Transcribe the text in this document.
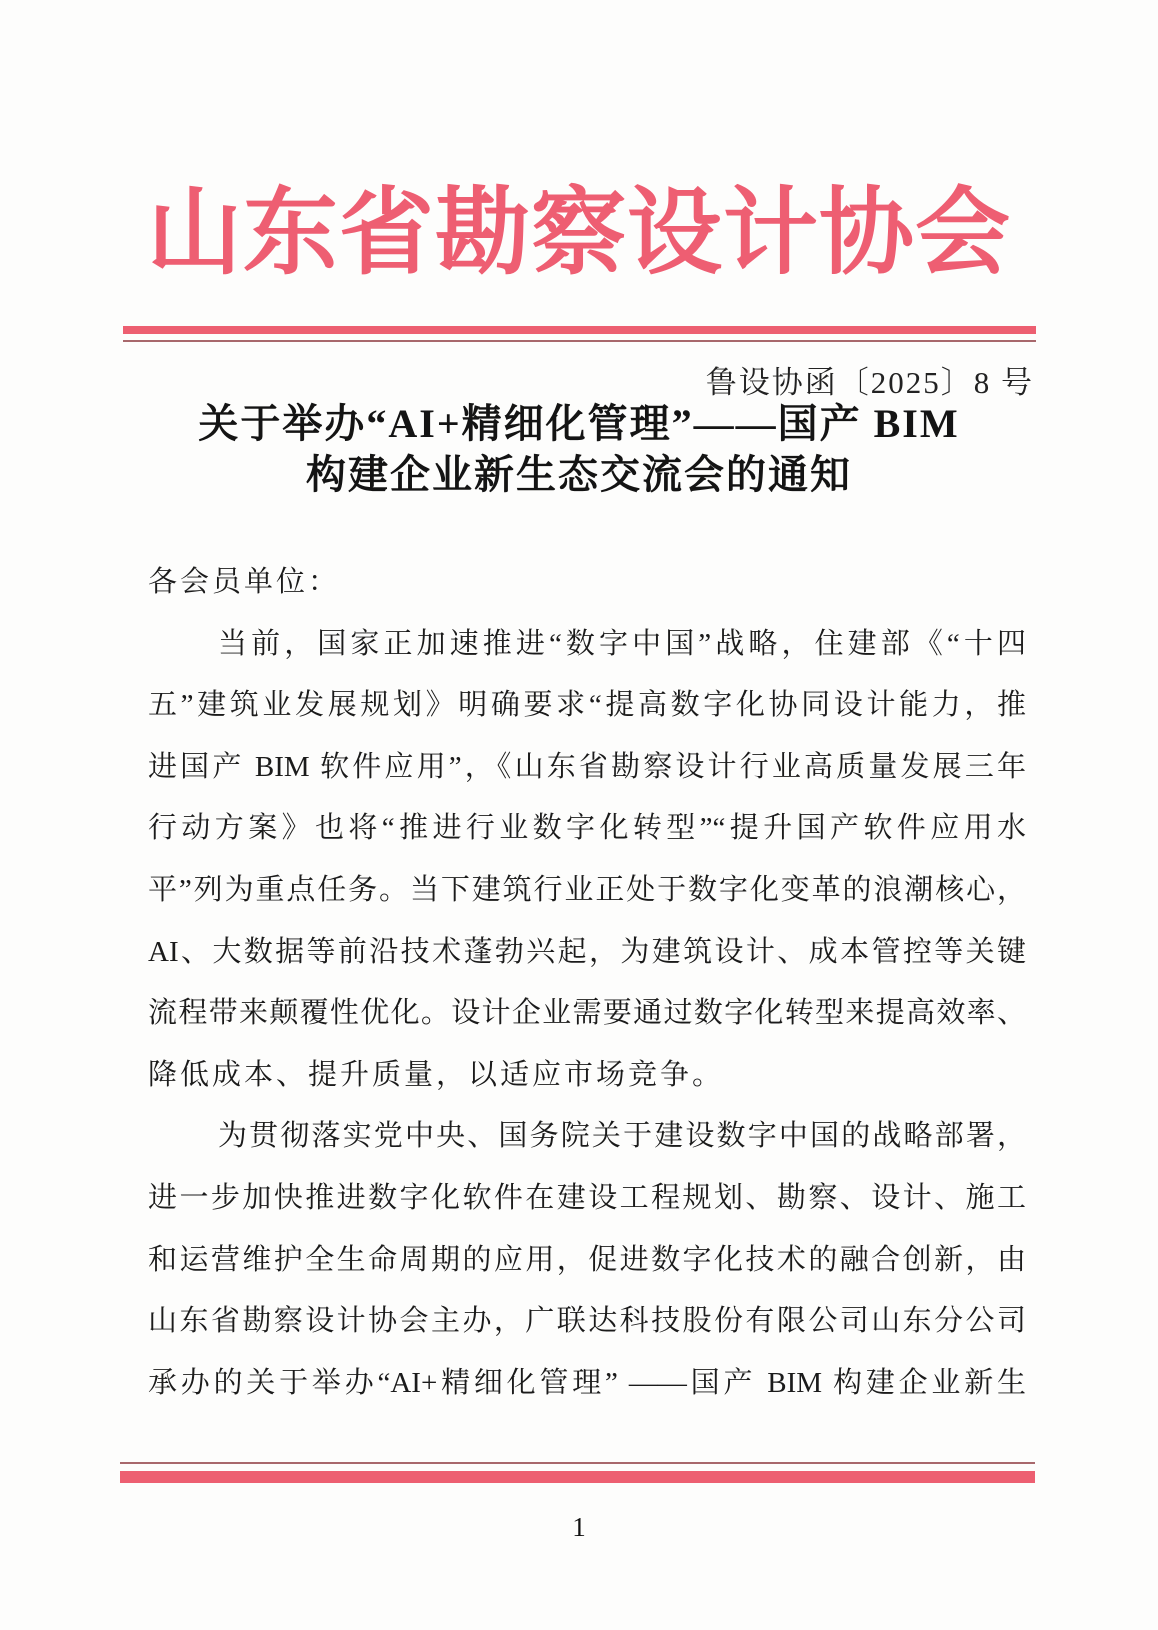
山东省勘察设计协会
鲁设协函〔2025〕8 号
关于举办“AI+精细化管理”——国产 BIM
构建企业新生态交流会的通知
各会员单位：
当前，国家正加速推进“数字中国”战略，住建部《“十四
五”建筑业发展规划》明确要求“提高数字化协同设计能力，推
进国产 BIM 软件应用”，《山东省勘察设计行业高质量发展三年
行动方案》也将“推进行业数字化转型”“提升国产软件应用水
平”列为重点任务。当下建筑行业正处于数字化变革的浪潮核心，
AI、大数据等前沿技术蓬勃兴起，为建筑设计、成本管控等关键
流程带来颠覆性优化。设计企业需要通过数字化转型来提高效率、
降低成本、提升质量，以适应市场竞争。
为贯彻落实党中央、国务院关于建设数字中国的战略部署，
进一步加快推进数字化软件在建设工程规划、勘察、设计、施工
和运营维护全生命周期的应用，促进数字化技术的融合创新，由
山东省勘察设计协会主办，广联达科技股份有限公司山东分公司
承办的关于举办“AI+精细化管理” ——国产 BIM 构建企业新生
1
